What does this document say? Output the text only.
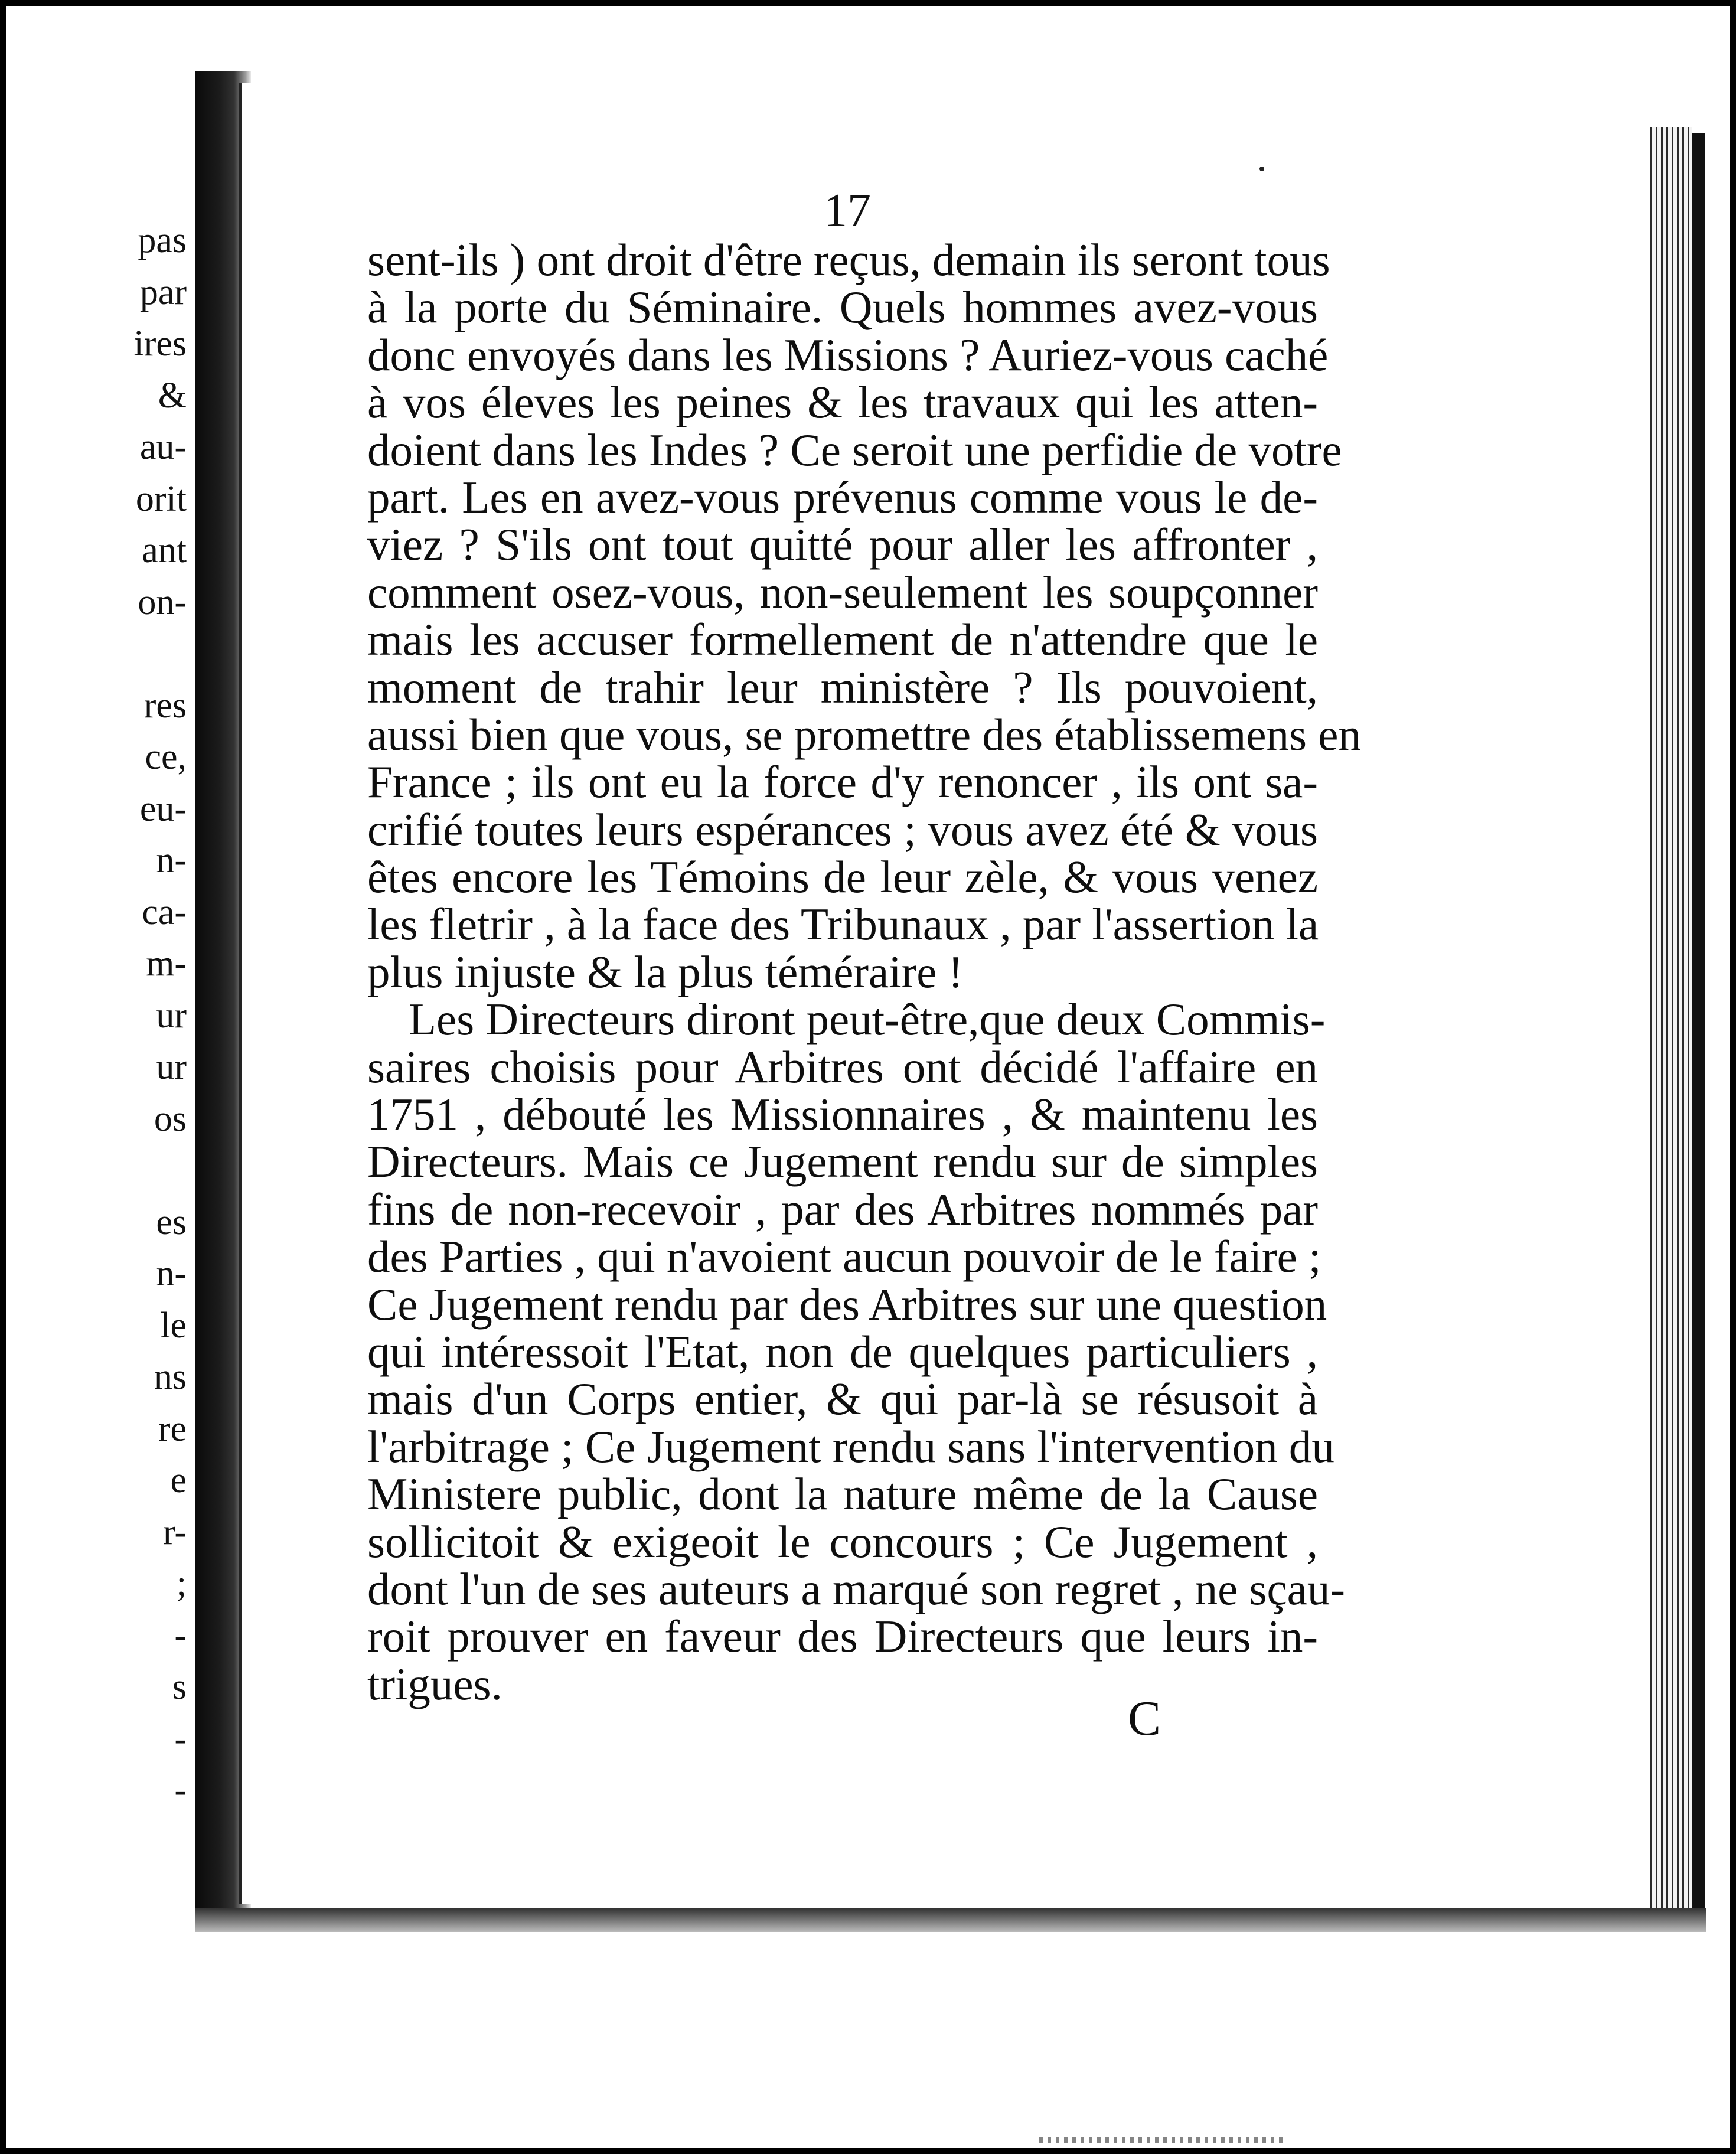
pas
par
ires
&
au-
orit
ant
on-
res
ce,
eu-
n-
ca-
m-
ur
ur
os
es
n-
le
ns
re
e
r-
;
-
s
-
-
17
sent-ils ) ont droit d'être reçus, demain ils seront tous
à la porte du Séminaire. Quels hommes avez-vous
donc envoyés dans les Missions ? Auriez-vous caché
à vos éleves les peines & les travaux qui les atten-
doient dans les Indes ? Ce seroit une perfidie de votre
part. Les en avez-vous prévenus comme vous le de-
viez ? S'ils ont tout quitté pour aller les affronter ,
comment osez-vous, non-seulement les soupçonner
mais les accuser formellement de n'attendre que le
moment de trahir leur ministère ? Ils pouvoient,
aussi bien que vous, se promettre des établissemens en
France ; ils ont eu la force d'y renoncer , ils ont sa-
crifié toutes leurs espérances ; vous avez été & vous
êtes encore les Témoins de leur zèle, & vous venez
les fletrir , à la face des Tribunaux , par l'assertion la
plus injuste & la plus téméraire !
Les Directeurs diront peut-être,que deux Commis-
saires choisis pour Arbitres ont décidé l'affaire en
1751 , débouté les Missionnaires , & maintenu les
Directeurs. Mais ce Jugement rendu sur de simples
fins de non-recevoir , par des Arbitres nommés par
des Parties , qui n'avoient aucun pouvoir de le faire ;
Ce Jugement rendu par des Arbitres sur une question
qui intéressoit l'Etat, non de quelques particuliers ,
mais d'un Corps entier, & qui par-là se résusoit à
l'arbitrage ; Ce Jugement rendu sans l'intervention du
Ministere public, dont la nature même de la Cause
sollicitoit & exigeoit le concours ; Ce Jugement ,
dont l'un de ses auteurs a marqué son regret , ne sçau-
roit prouver en faveur des Directeurs que leurs in-
trigues.
C
